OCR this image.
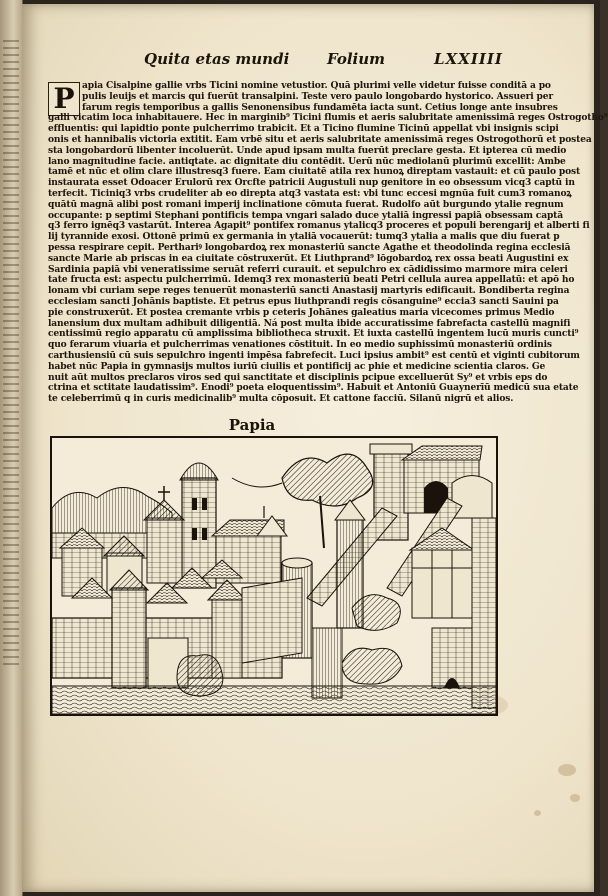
Quita etas mundi	Folium	LXXIIII
P apia Cisalpine gallie vrbs Ticini nomine vetustior. Quā plurimi velle videtur fuisse conditā a po
pulis leuijs et marcis qui fuerūt transalpini. Teste vero paulo longobardo hystorico. Assueri per
farum regis temporibus a gallis Senonensibus fundamēta iacta sunt. Cetius longe ante insubres
galli vicatim loca inhabitauere. Hec in marginib⁹ Ticini flumis et aeris salubritate amenissimā reges Ostrogotho⁹
effluentis: qui lapidtio ponte pulcherrimo trabicit. Et a Ticino flumine Ticinū appellat vbi insignis scipi
onis et hannibalis victoria extitit. Eam vrbē situ et aeris salubritate amenissimā reges Ostrogothorū et postea
sta longobardorū libenter incoluerūt. Unde apud ipsam multa fuerūt preclare gesta. Et ipterea cū medio
lano magnitudine facie. antiqtate. ac dignitate diu contēdit. Uerū nūc mediolanū plurimū excellit: Ambe
tamē et nūc et olim clare illustresq3 fuere. Eam ciuitatē atila rex hunoꝝ direptam vastauit: et cū paulo post
instaurata esset Odoacer Erulorū rex Orcfte patricii Augustuli nup genitore in eo obsessum vicq3 captū in
terfecit. Ticiniq3 vrbs crudeliter ab eo direpta atq3 vastata est: vbi tunc eccesi mgnūa fuit cum3 romanoꝝ
quātū magnā alibi post romani imperij inclinatione cōmuta fuerat. Rudolfo aūt burgundo ytalie regnum
occupante: p septimi Stephani pontificis tempa vngari salado duce ytaliā ingressi papiā obsessam captā
q3 ferro ignēq3 vastarūt. Interea Agapit⁹ pontifex romanus ytalicq3 proceres et populi berengarij et alberti fi
lij tyrannide exosi. Ottonē primū ex germania in ytaliā vocauerūt: tumq3 ytalia a malis que diu fuerat p
pessa respirare cepit. Perthariꝰ longobardoꝝ rex monasteriū sancte Agathe et theodolinda regina ecclesiā
sancte Marie ab priscas in ea ciuitate cōstruxerūt. Et Liuthprand⁹ lōgobardoꝝ rex ossa beati Augustini ex
Sardinia papiā vbi veneratissime seruāt referri curauit. et sepulchro ex cādidissimo marmore mira celeri
tate fructa est: aspectu pulcherrimū. Idemq3 rex monasteriū beati Petri cellula aurea appellatū: et apō ho
lonam vbi curiam sepe reges tenuerūt monasteriū sancti Anastasij martyris edificauit. Bondiberta regina
ecclesiam sancti Johānis baptiste. Et petrus epus liuthprandi regis cōsanguine⁹ eccia3 sancti Sauini pa
pie construxerūt. Et postea cremante vrbis p ceteris Johānes galeatius maria vicecomes primus Medio
lanensium dux multam adhibuit diligentiā. Ná post multa ibide accuratissime fabrefacta castellū magnifi
centissimū regio apparatu cū amplissima bibliotheca struxit. Et iuxta castellū ingentem lucū muris cuncti⁹
quo ferarum viuaria et pulcherrimas venationes cōstituit. In eo medio suphissimū monasteriū ordinis
carthusiensiū cū suis sepulchro ingenti impēsa fabrefecit. Luci ipsius ambit⁹ est centū et viginti cubitorum
habet nūc Papia in gymnasijs multos iuriū ciuilis et pontificij ac phie et medicine scientia claros. Ge
nuit aūt multos preclaros viros sed qui sanctitate et disciplinis pcipue excelluerūt Sy⁹ et vrbis eps do
ctrina et sctitate laudatissim⁹. Enodi⁹ poeta eloquentissim⁹. Habuit et Antoniū Guaynerīū medicū sua etate
te celeberrimū q in curis medicinalib⁹ multa cōposuit. Et cattone facciū. Silanū nigrū et alios.
Papia
